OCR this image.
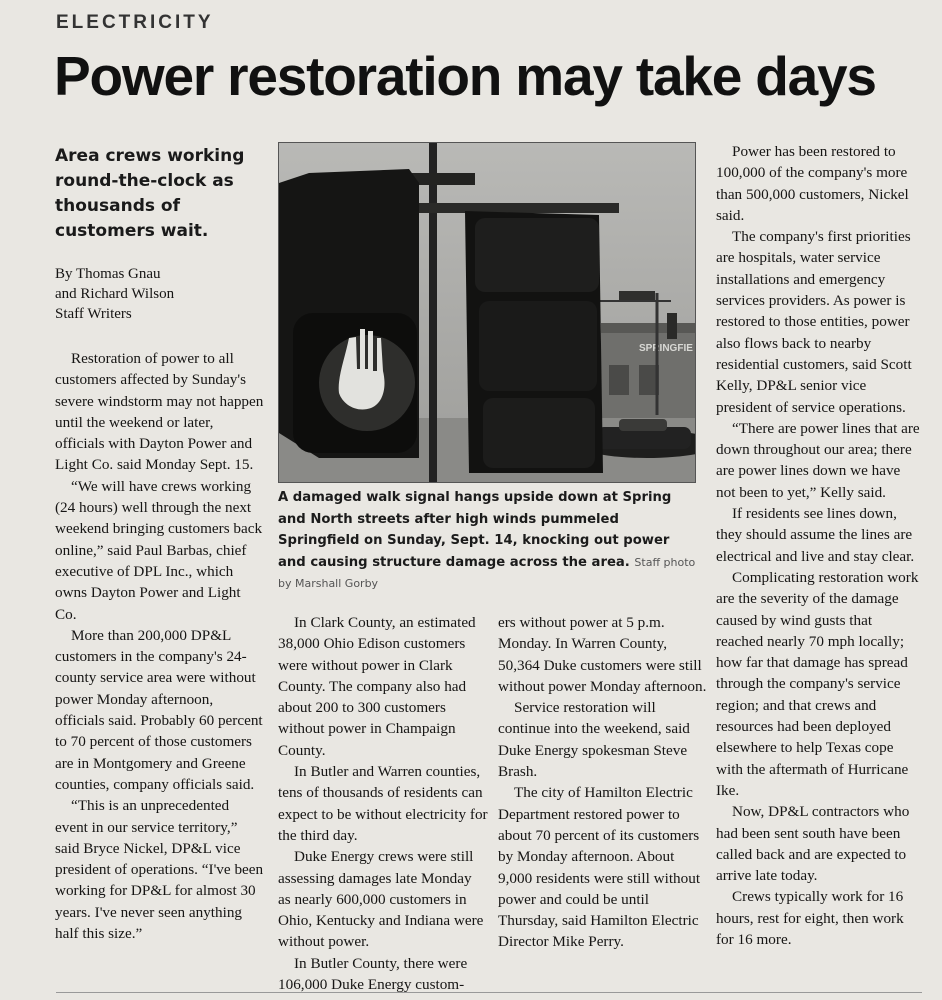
ELECTRICITY
Power restoration may take days
Area crews working round-the-clock as thousands of customers wait.
By Thomas Gnau
and Richard Wilson
Staff Writers

Restoration of power to all customers affected by Sunday's severe windstorm may not happen until the weekend or later, officials with Dayton Power and Light Co. said Monday Sept. 15.

“We will have crews working (24 hours) well through the next weekend bringing customers back online,” said Paul Barbas, chief executive of DPL Inc., which owns Dayton Power and Light Co.

More than 200,000 DP&L customers in the company's 24-county service area were without power Monday afternoon, officials said. Probably 60 percent to 70 percent of those customers are in Montgomery and Greene counties, company officials said.

“This is an unprecedented event in our service territory,” said Bryce Nickel, DP&L vice president of operations. “I've been working for DP&L for almost 30 years. I've never seen anything half this size.”

SPRINGFIE
A damaged walk signal hangs upside down at Spring and North streets after high winds pummeled Springfield on Sunday, Sept. 14, knocking out power and causing structure damage across the area. Staff photo by Marshall Gorby

In Clark County, an estimated 38,000 Ohio Edison customers were without power in Clark County. The company also had about 200 to 300 customers without power in Champaign County.

In Butler and Warren counties, tens of thousands of residents can expect to be without electricity for the third day.

Duke Energy crews were still assessing damages late Monday as nearly 600,000 customers in Ohio, Kentucky and Indiana were without power.

In Butler County, there were 106,000 Duke Energy custom-

ers without power at 5 p.m. Monday. In Warren County, 50,364 Duke customers were still without power Monday afternoon.

Service restoration will continue into the weekend, said Duke Energy spokesman Steve Brash.

The city of Hamilton Electric Department restored power to about 70 percent of its customers by Monday afternoon. About 9,000 residents were still without power and could be until Thursday, said Hamilton Electric Director Mike Perry.

Power has been restored to 100,000 of the company's more than 500,000 customers, Nickel said.

The company's first priorities are hospitals, water service installations and emergency services providers. As power is restored to those entities, power also flows back to nearby residential customers, said Scott Kelly, DP&L senior vice president of service operations.

“There are power lines that are down throughout our area; there are power lines down we have not been to yet,” Kelly said.

If residents see lines down, they should assume the lines are electrical and live and stay clear.

Complicating restoration work are the severity of the damage caused by wind gusts that reached nearly 70 mph locally; how far that damage has spread through the company's service region; and that crews and resources had been deployed elsewhere to help Texas cope with the aftermath of Hurricane Ike.

Now, DP&L contractors who had been sent south have been called back and are expected to arrive late today.

Crews typically work for 16 hours, rest for eight, then work for 16 more.
